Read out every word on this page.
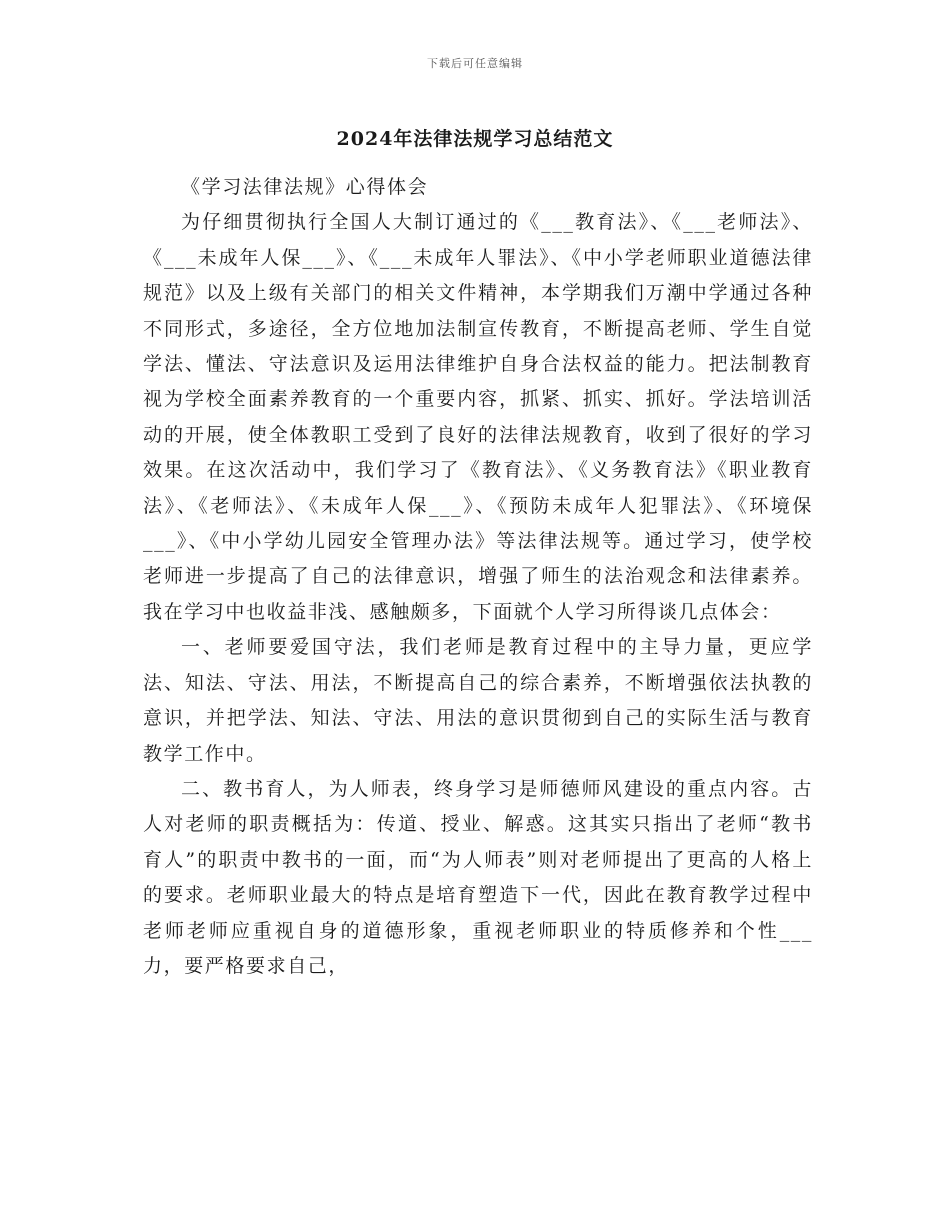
下载后可任意编辑
2024年法律法规学习总结范文

《学习法律法规》心得体会

为仔细贯彻执行全国人大制订通过的《___教育法》、《___老师法》、《___未成年人保___》、《___未成年人罪法》、《中小学老师职业道德法律规范》以及上级有关部门的相关文件精神，本学期我们万潮中学通过各种不同形式，多途径，全方位地加法制宣传教育，不断提高老师、学生自觉学法、懂法、守法意识及运用法律维护自身合法权益的能力。把法制教育视为学校全面素养教育的一个重要内容，抓紧、抓实、抓好。学法培训活动的开展，使全体教职工受到了良好的法律法规教育，收到了很好的学习效果。在这次活动中，我们学习了《教育法》、《义务教育法》《职业教育法》、《老师法》、《未成年人保___》、《预防未成年人犯罪法》、《环境保___》、《中小学幼儿园安全管理办法》等法律法规等。通过学习，使学校老师进一步提高了自己的法律意识，增强了师生的法治观念和法律素养。我在学习中也收益非浅、感触颇多，下面就个人学习所得谈几点体会：

一、老师要爱国守法，我们老师是教育过程中的主导力量，更应学法、知法、守法、用法，不断提高自己的综合素养，不断增强依法执教的意识，并把学法、知法、守法、用法的意识贯彻到自己的实际生活与教育教学工作中。

二、教书育人，为人师表，终身学习是师德师风建设的重点内容。古人对老师的职责概括为：传道、授业、解惑。这其实只指出了老师“教书育人”的职责中教书的一面，而“为人师表”则对老师提出了更高的人格上的要求。老师职业最大的特点是培育塑造下一代，因此在教育教学过程中老师老师应重视自身的道德形象，重视老师职业的特质修养和个性___力，要严格要求自己，
